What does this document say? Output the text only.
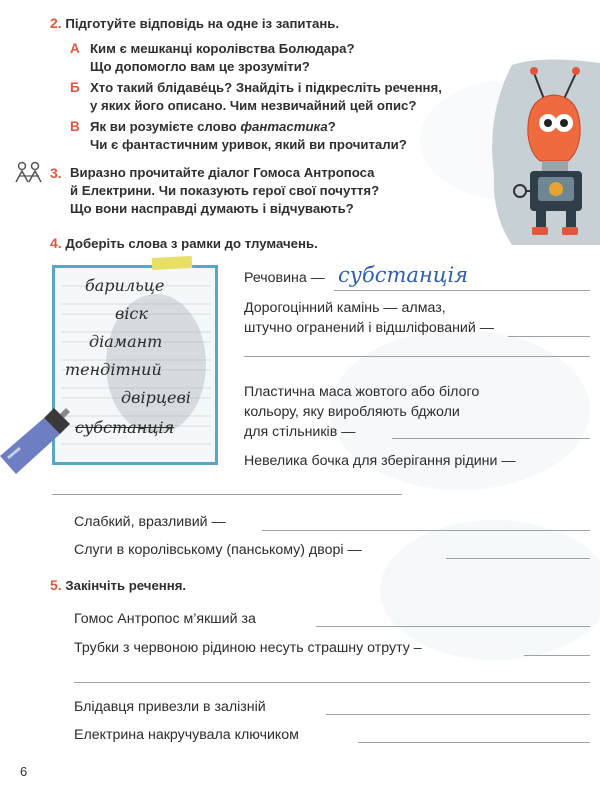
2. Підготуйте відповідь на одне із запитань.
А Ким є мешканці королівства Болюдара?
Що допомогло вам це зрозуміти?
Б Хто такий блідаве́ць? Знайдіть і підкресліть речення,
у яких його описано. Чим незвичайний цей опис?
В Як ви розумієте слово фантастика?
Чи є фантастичним уривок, який ви прочитали?
3. Виразно прочитайте діалог Гомоса Антропоса
й Електрини. Чи показують герої свої почуття?
Що вони насправді думають і відчувають?
4. Доберіть слова з рамки до тлумачень.
барильце
віск
діамант
тендітний
двірцеві
субстанція
Речовина — субстанція
Дорогоцінний камінь — алмаз,
штучно огранений і відшліфований —
Пластична маса жовтого або білого
кольору, яку виробляють бджоли
для стільників —
Невелика бочка для зберігання рідини —
Слабкий, вразливий —
Слуги в королівському (панському) дворі —
5. Закінчіть речення.
Гомос Антропос м’якший за
Трубки з червоною рідиною несуть страшну отруту –
Блідавця привезли в залізній
Електрина накручувала ключиком
6
